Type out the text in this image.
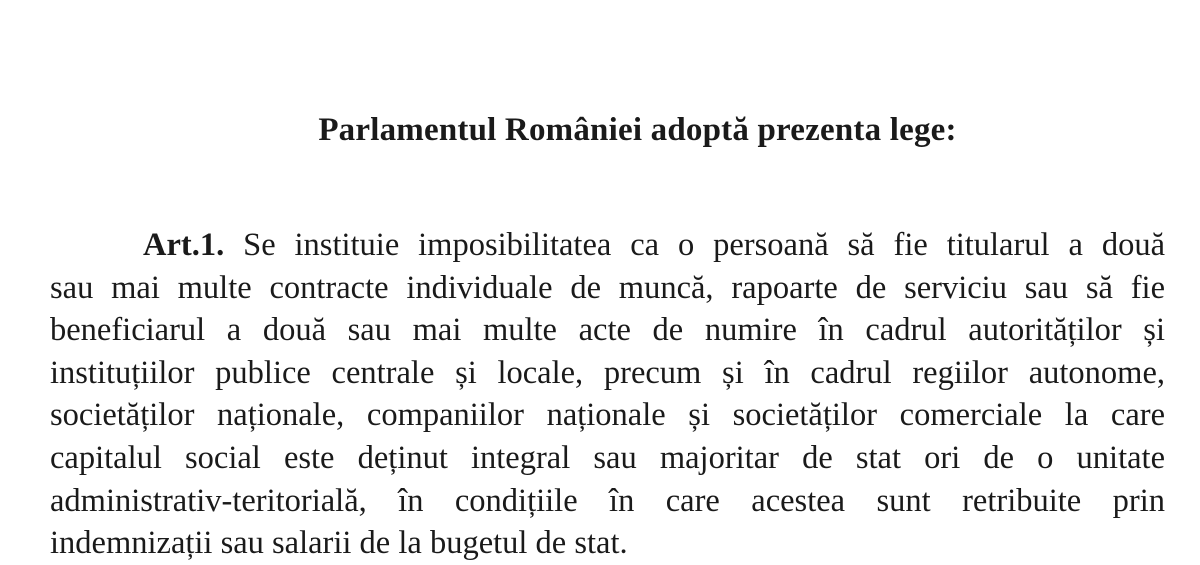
Parlamentul României adoptă prezenta lege:
Art.1. Se instituie imposibilitatea ca o persoană să fie titularul a două
sau mai multe contracte individuale de muncă, rapoarte de serviciu sau să fie
beneficiarul a două sau mai multe acte de numire în cadrul autorităților și
instituțiilor publice centrale și locale, precum și în cadrul regiilor autonome,
societăților naționale, companiilor naționale și societăților comerciale la care
capitalul social este deținut integral sau majoritar de stat ori de o unitate
administrativ-teritorială, în condițiile în care acestea sunt retribuite prin
indemnizații sau salarii de la bugetul de stat.
